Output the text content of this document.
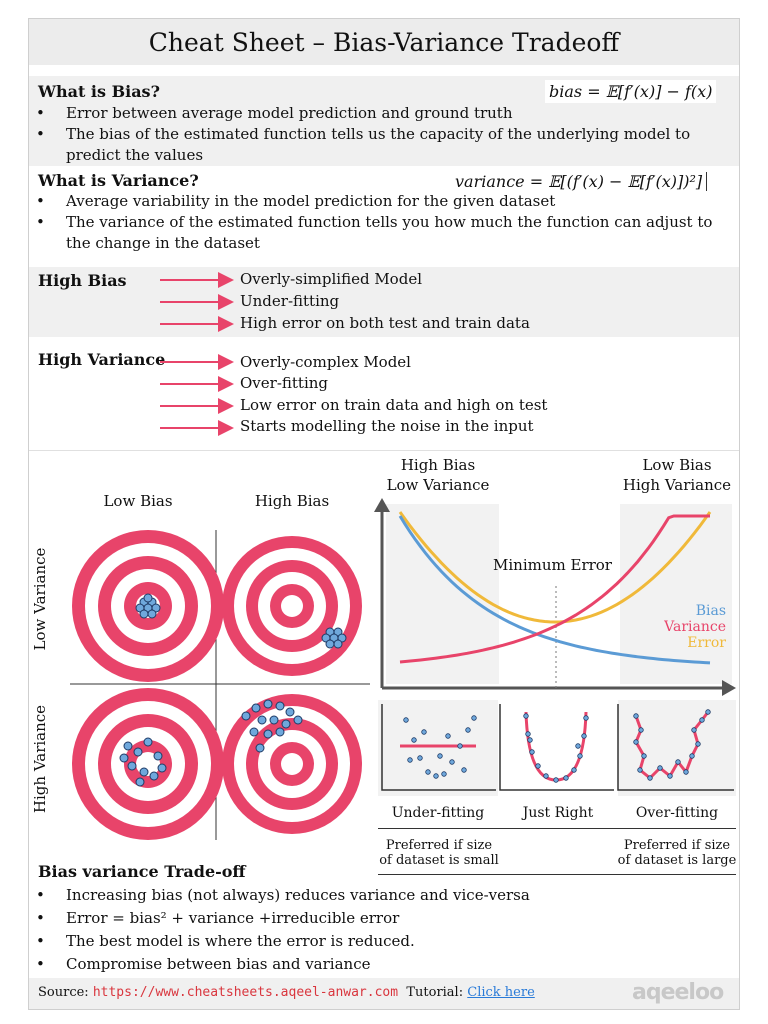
Cheat Sheet – Bias-Variance Tradeoff
What is Bias?	bias = 𝔼[f′(x)] − f(x)
• Error between average model prediction and ground truth
• The bias of the estimated function tells us the capacity of the underlying model to predict the values
What is Variance?	variance = 𝔼[(f′(x) − 𝔼[f′(x)])²]
• Average variability in the model prediction for the given dataset
• The variance of the estimated function tells you how much the function can adjust to the change in the dataset
High Bias	Overly-simplified Model
Under-fitting
High error on both test and train data
High Variance	Overly-complex Model
Over-fitting
Low error on train data and high on test
Starts modelling the noise in the input
Low Bias	High Bias
Low Variance
High Variance
High Bias
Low Variance
Low Bias
High Variance
Minimum Error
Bias
Variance
Error
Under-fitting	Just Right	Over-fitting
Preferred if size
of dataset is small
Preferred if size
of dataset is large
Bias variance Trade-off
• Increasing bias (not always) reduces variance and vice-versa
• Error = bias² + variance +irreducible error
• The best model is where the error is reduced.
• Compromise between bias and variance
Source: https://www.cheatsheets.aqeel-anwar.com Tutorial: Click here	aqeeloo
